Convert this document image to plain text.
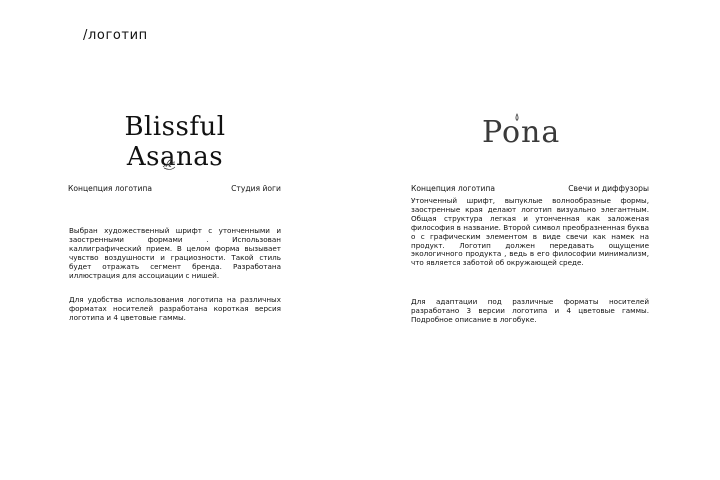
/логотип
Blissful Asanas
Концепция логотипа	Студия йоги

Выбран художественный шрифт с утонченными и заостренными формами . Использован каллиграфический прием. В целом форма вызывает чувство воздушности и грациозности. Такой стиль будет отражать сегмент бренда. Разработана иллюстрация для ассоциации с нишей.

Для удобства использования логотипа на различных форматах носителей разработана короткая версия логотипа и 4 цветовые гаммы.

Pona
Концепция логотипа	Свечи и диффузоры

Утонченный шрифт, выпуклые волнообразные формы, заостренные края делают логотип визуально элегантным. Общая структура легкая и утонченная как заложеная философия в название. Второй символ преобразненная буква о с графическим элементом в виде свечи как намек на продукт. Логотип должен передавать ощущение экологичного продукта , ведь в его философии минимализм, что является заботой об окружающей среде.

Для адаптации под различные форматы носителей разработано 3 версии логотипа и 4 цветовые гаммы. Подробное описание в логобуке.
